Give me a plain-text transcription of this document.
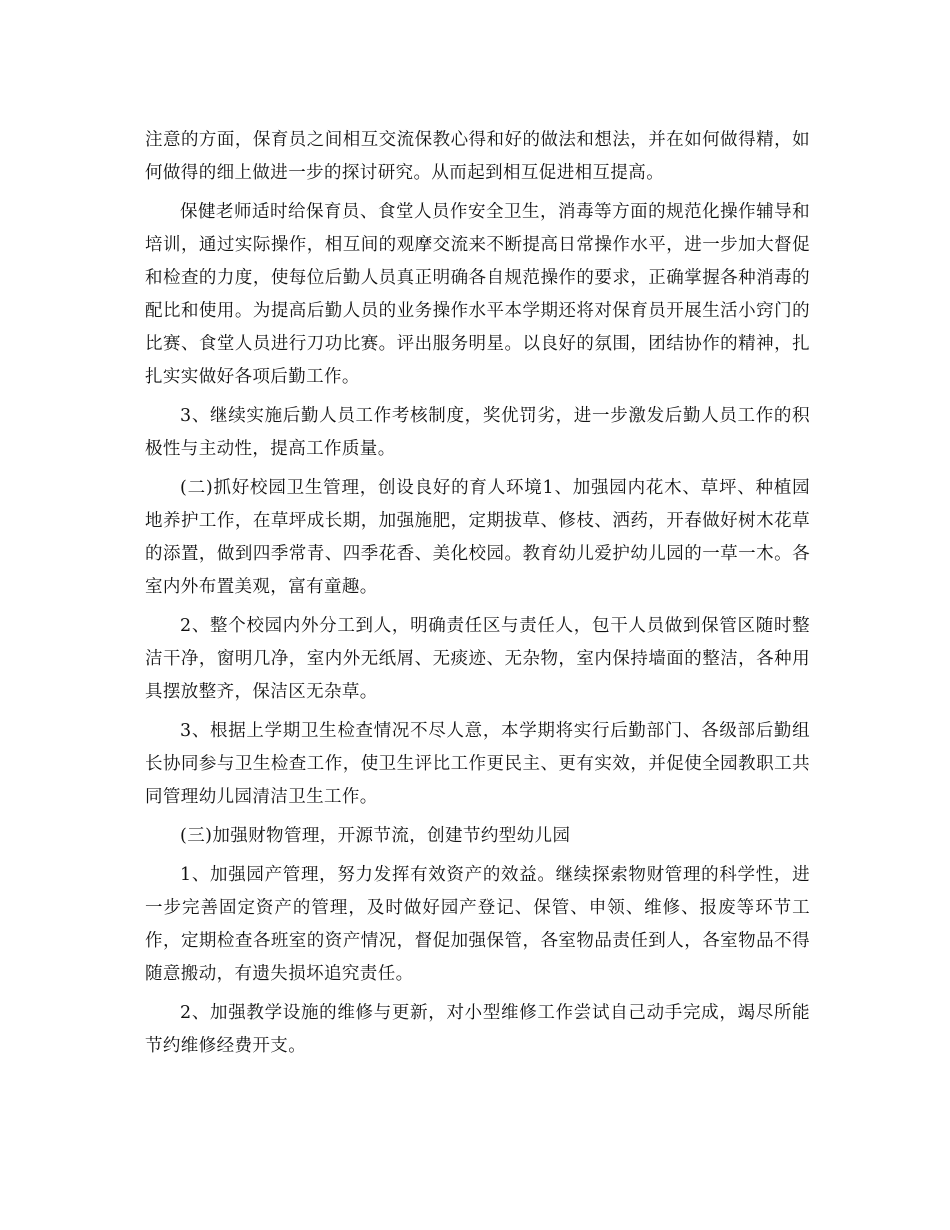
注意的方面，保育员之间相互交流保教心得和好的做法和想法，并在如何做得精，如何做得的细上做进一步的探讨研究。从而起到相互促进相互提高。

保健老师适时给保育员、食堂人员作安全卫生，消毒等方面的规范化操作辅导和培训，通过实际操作，相互间的观摩交流来不断提高日常操作水平，进一步加大督促和检查的力度，使每位后勤人员真正明确各自规范操作的要求，正确掌握各种消毒的配比和使用。为提高后勤人员的业务操作水平本学期还将对保育员开展生活小窍门的比赛、食堂人员进行刀功比赛。评出服务明星。以良好的氛围，团结协作的精神，扎扎实实做好各项后勤工作。

3、继续实施后勤人员工作考核制度，奖优罚劣，进一步激发后勤人员工作的积极性与主动性，提高工作质量。

(二)抓好校园卫生管理，创设良好的育人环境1、加强园内花木、草坪、种植园地养护工作，在草坪成长期，加强施肥，定期拔草、修枝、洒药，开春做好树木花草的添置，做到四季常青、四季花香、美化校园。教育幼儿爱护幼儿园的一草一木。各室内外布置美观，富有童趣。

2、整个校园内外分工到人，明确责任区与责任人，包干人员做到保管区随时整洁干净，窗明几净，室内外无纸屑、无痰迹、无杂物，室内保持墙面的整洁，各种用具摆放整齐，保洁区无杂草。

3、根据上学期卫生检查情况不尽人意，本学期将实行后勤部门、各级部后勤组长协同参与卫生检查工作，使卫生评比工作更民主、更有实效，并促使全园教职工共同管理幼儿园清洁卫生工作。

(三)加强财物管理，开源节流，创建节约型幼儿园

1、加强园产管理，努力发挥有效资产的效益。继续探索物财管理的科学性，进一步完善固定资产的管理，及时做好园产登记、保管、申领、维修、报废等环节工作，定期检查各班室的资产情况，督促加强保管，各室物品责任到人，各室物品不得随意搬动，有遗失损坏追究责任。

2、加强教学设施的维修与更新，对小型维修工作尝试自己动手完成，竭尽所能节约维修经费开支。
